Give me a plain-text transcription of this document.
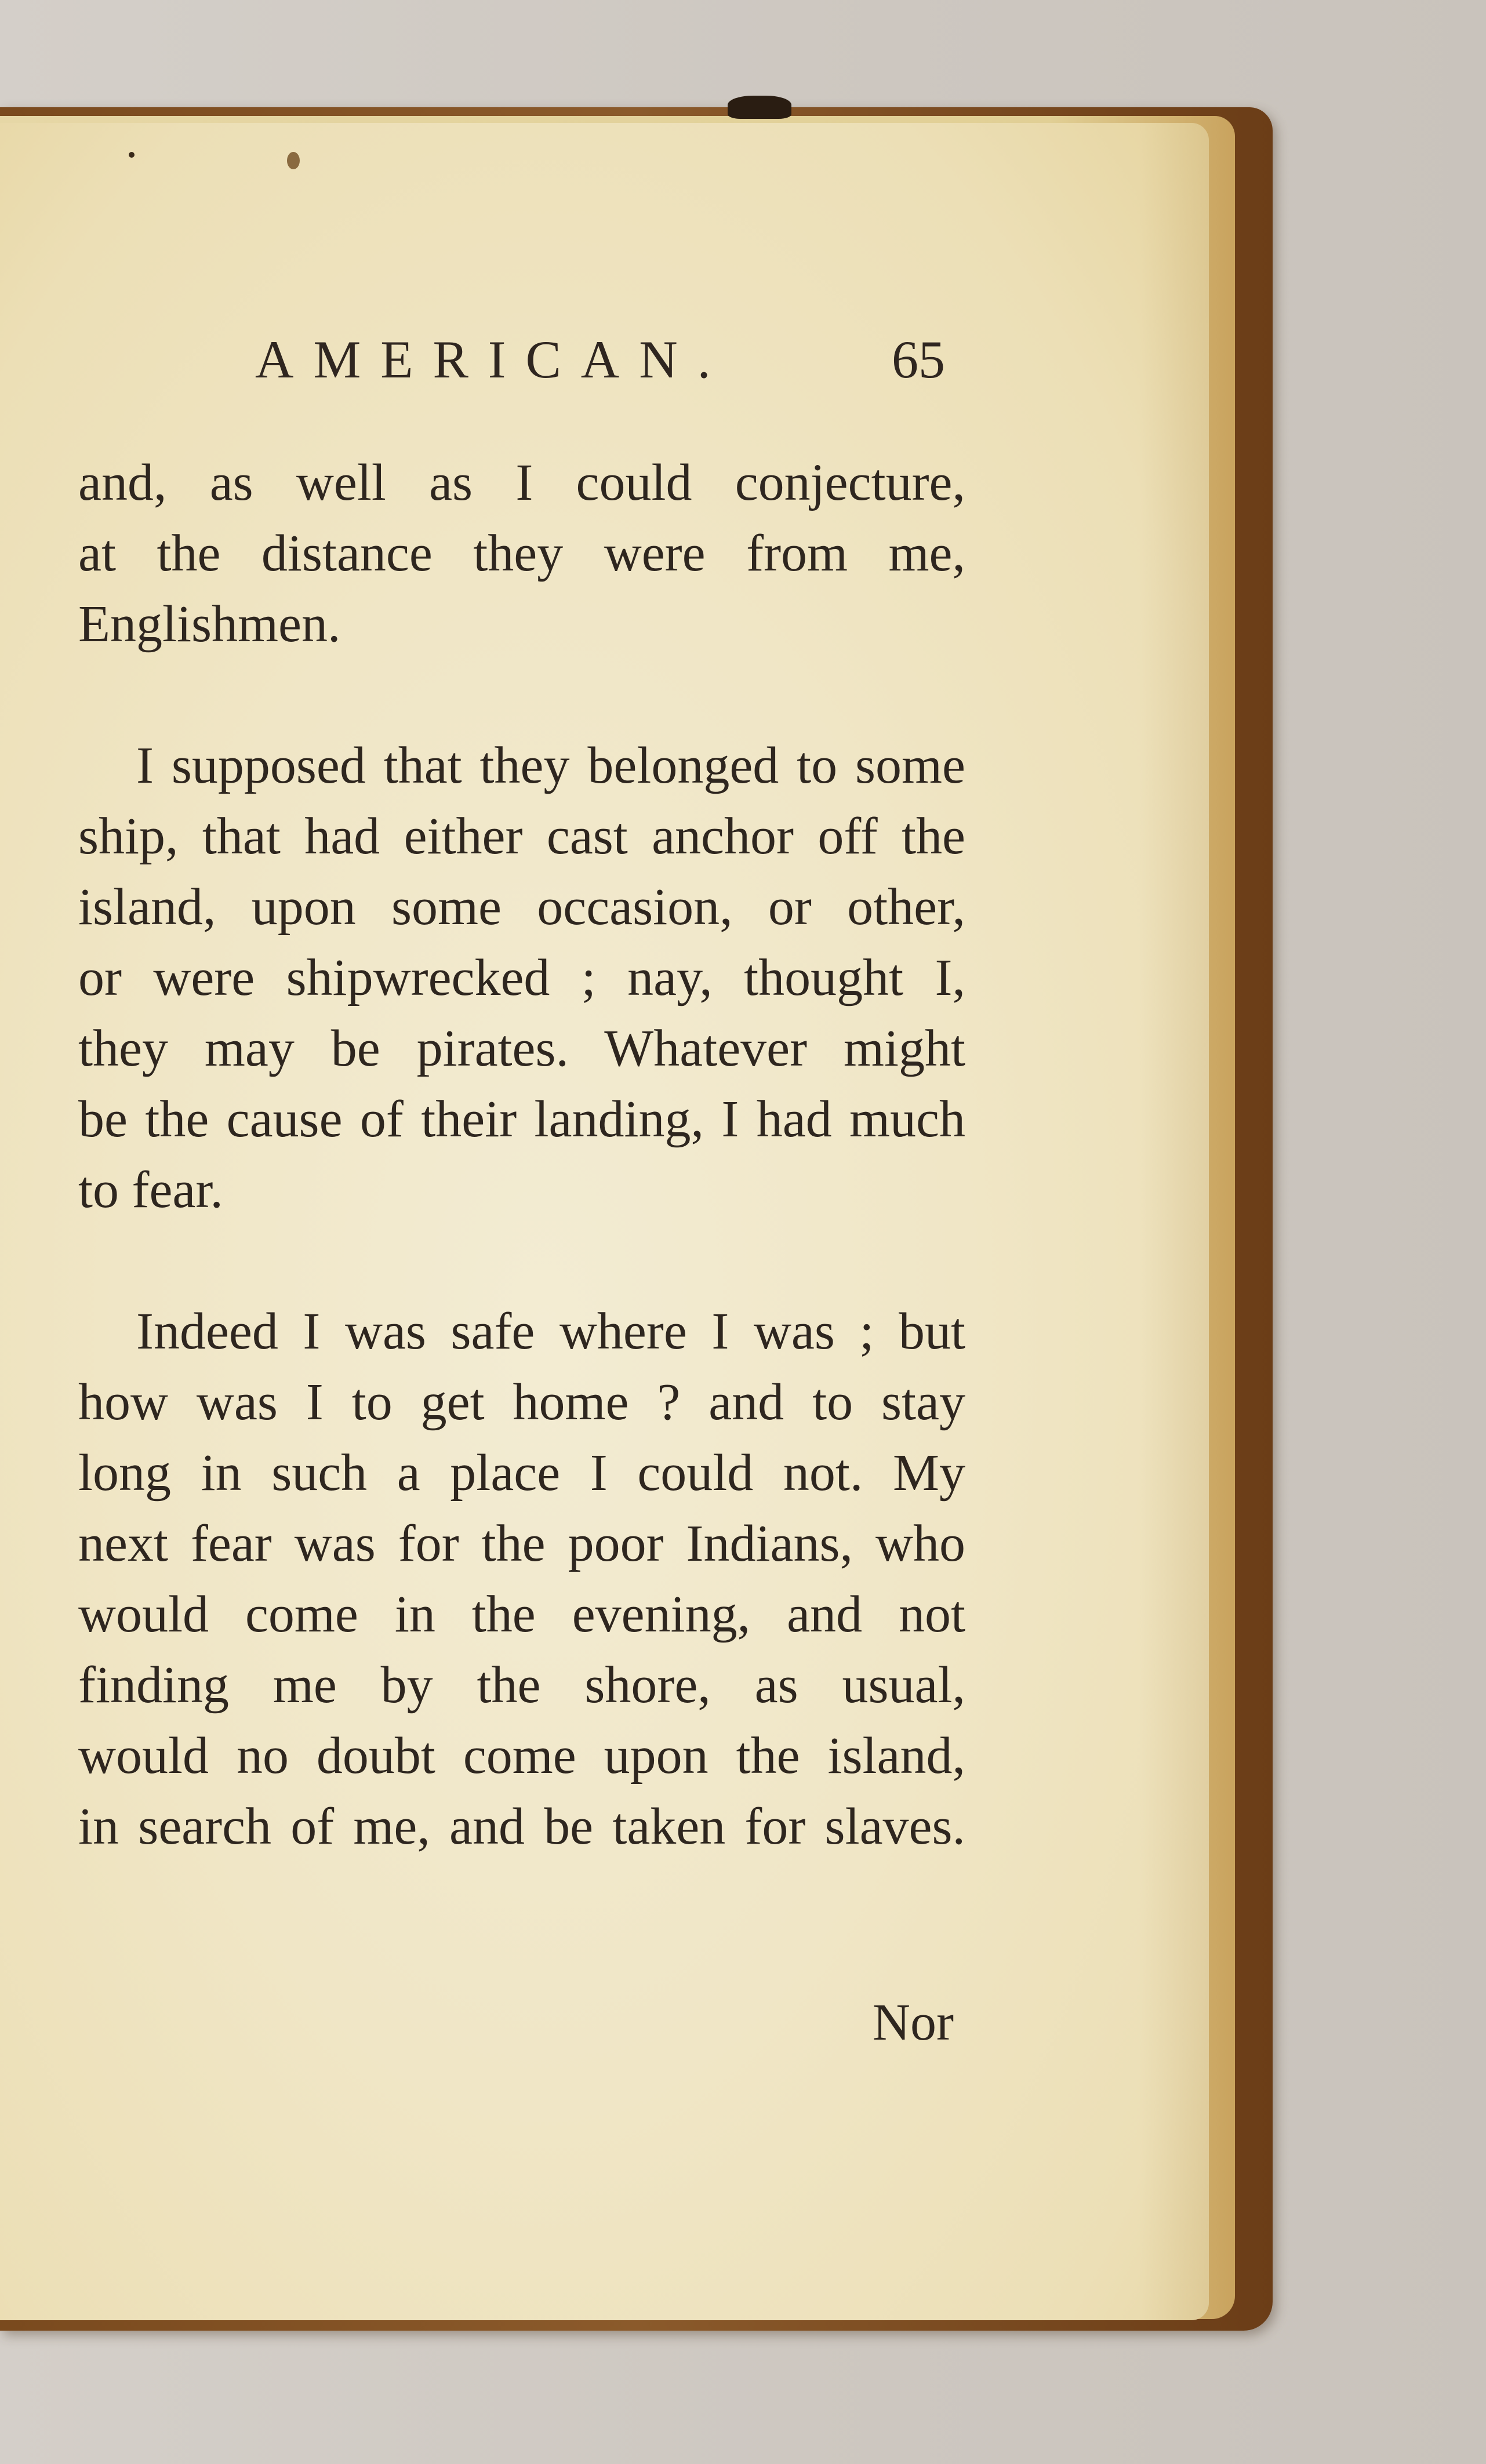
AMERICAN.	65
and, as well as I could conjecture,
at the distance they were from me,
Englishmen.
I supposed that they belonged to some
ship, that had either cast anchor off the
island, upon some occasion, or other,
or were shipwrecked ; nay, thought I,
they may be pirates. Whatever might
be the cause of their landing, I had much
to fear.
Indeed I was safe where I was ; but
how was I to get home ? and to stay
long in such a place I could not. My
next fear was for the poor Indians, who
would come in the evening, and not
finding me by the shore, as usual,
would no doubt come upon the island,
in search of me, and be taken for slaves.
Nor
